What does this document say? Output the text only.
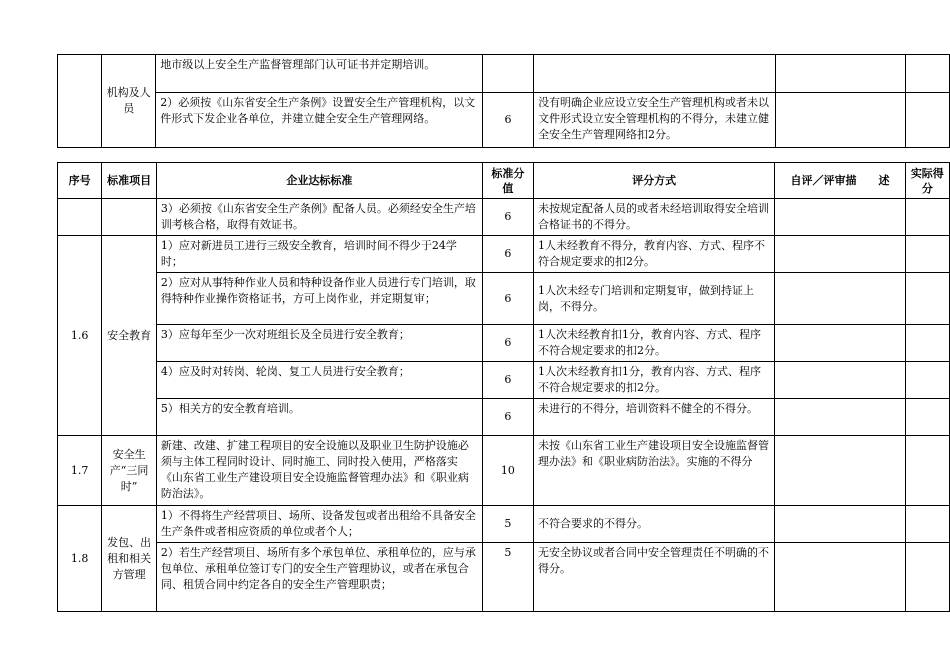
	机构及人员	地市级以上安全生产监督管理部门认可证书并定期培训。				
		2）必须按《山东省安全生产条例》设置安全生产管理机构，以文件形式下发企业各单位，并建立健全安全生产管理网络。	6	没有明确企业应设立安全生产管理机构或者未以文件形式设立安全管理机构的不得分，未建立健全安全生产管理网络扣2分。		
序号	标准项目	企业达标标准	标准分值	评分方式	自评／评审描　　述	实际得分
		3）必须按《山东省安全生产条例》配备人员。必须经安全生产培训考核合格，取得有效证书。	6	未按规定配备人员的或者未经培训取得安全培训合格证书的不得分。		
1.6	安全教育	1）应对新进员工进行三级安全教育，培训时间不得少于24学时；	6	1人未经教育不得分，教育内容、方式、程序不符合规定要求的扣2分。		
		2）应对从事特种作业人员和特种设备作业人员进行专门培训，取得特种作业操作资格证书，方可上岗作业，并定期复审；	6	1人次未经专门培训和定期复审，做到持证上岗，不得分。		
		3）应每年至少一次对班组长及全员进行安全教育；	6	1人次未经教育扣1分，教育内容、方式、程序不符合规定要求的扣2分。		
		4）应及时对转岗、轮岗、复工人员进行安全教育；	6	1人次未经教育扣1分，教育内容、方式、程序不符合规定要求的扣2分。		
		5）相关方的安全教育培训。	6	未进行的不得分，培训资料不健全的不得分。		
1.7	安全生产“三同时”	新建、改建、扩建工程项目的安全设施以及职业卫生防护设施必须与主体工程同时设计、同时施工、同时投入使用，严格落实《山东省工业生产建设项目安全设施监督管理办法》和《职业病防治法》。	10	未按《山东省工业生产建设项目安全设施监督管理办法》和《职业病防治法》。实施的不得分		
1.8	发包、出租和相关方管理	1）不得将生产经营项目、场所、设备发包或者出租给不具备安全生产条件或者相应资质的单位或者个人；	5	不符合要求的不得分。		
		2）若生产经营项目、场所有多个承包单位、承租单位的，应与承包单位、承租单位签订专门的安全生产管理协议，或者在承包合同、租赁合同中约定各自的安全生产管理职责；	5	无安全协议或者合同中安全管理责任不明确的不得分。		
